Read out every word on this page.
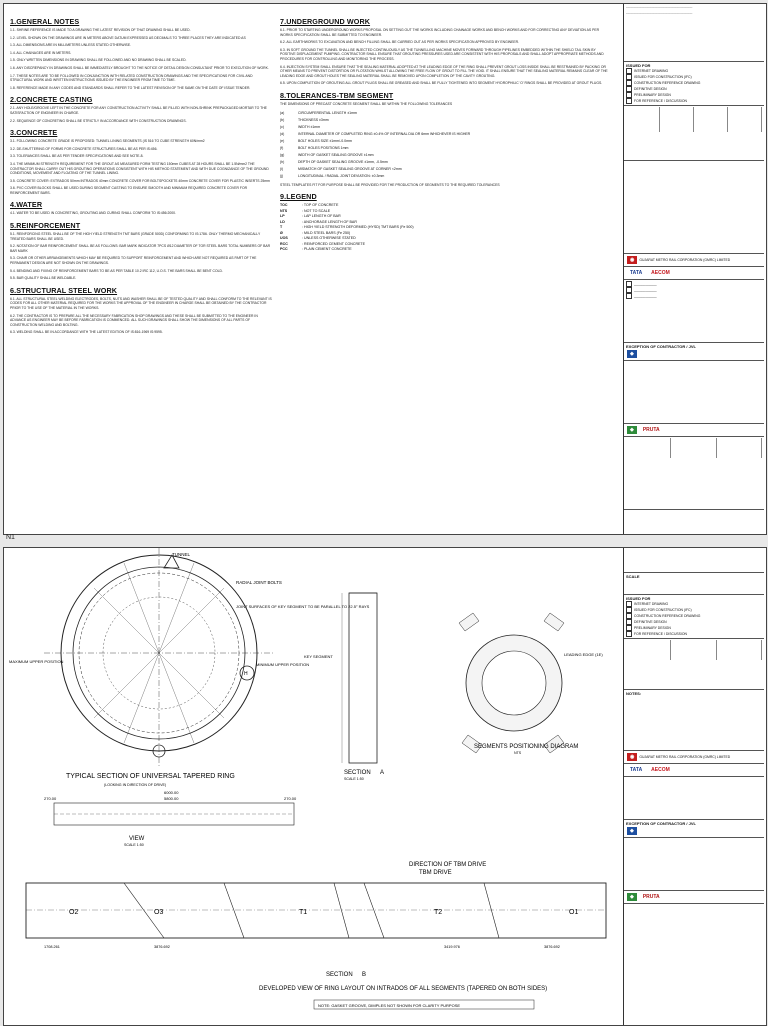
1.GENERAL NOTES
1.1. SHRINE REFERENCE IS MADE TO A DRAWING THE LATEST REVISION OF THAT DRAWING SHALL BE USED.
1.2. LEVEL SHOWN ON THE DRAWINGS ARE IN METERS ABOVE DATUM EXPRESSED AS DECIMALS TO THREE PLACES THEY ARE INDICATED AS
1.3. ALL DIMENSIONS ARE IN MILLIMETERS UNLESS STATED OTHERWISE.
1.4. ALL CHAINAGES ARE IN METERS.
1.5. ONLY WRITTEN DIMENSIONS IN DRAWING SHALL BE FOLLOWED AND NO DRAWING SHALL BE SCALED.
1.6. ANY DISCREPANCY IN DRAWINGS SHALL BE IMMEDIATELY BROUGHT TO THE NOTICE OF DETAIL DESIGN CONSULTANT PRIOR TO EXECUTION OF WORK.
1.7. THESE NOTES ARE TO BE FOLLOWED IN CONJUNCTION WITH RELATED CONSTRUCTION DRAWINGS AND THE SPECIFICATIONS FOR CIVIL AND STRUCTURAL WORK AND WRITTEN INSTRUCTIONS ISSUED BY THE ENGINEER FROM TIME TO TIME.
1.8. REFERENCE MADE IN ANY CODES AND STANDARDS SHALL REFER TO THE LATEST REVISION OF THE SAME ON THE DATE OF ISSUE TENDER.
2.CONCRETE CASTING
2.1. ANY HOLE/GROOVE LEFT IN THE CONCRETE FOR ANY CONSTRUCTION ACTIVITY SHALL BE FILLED WITH NON-SHRINK PREPACKAGED MORTAR TO THE SATISFACTION OF ENGINEER IN CHARGE.
2.2. SEQUENCE OF CONCRETING SHALL BE STRICTLY IN ACCORDANCE WITH CONSTRUCTION DRAWINGS.
3.CONCRETE
3.1. FOLLOWING CONCRETE GRADE IS PROPOSED: TUNNEL LINING SEGMENTS (IS 516 TO CUBE STRENGTH 60N/mm2
3.2. DE-SHUTTERING OF FORMS FOR CONCRETE STRUCTURES SHALL BE AS PER IS:456.
3.3. TOLERANCES SHALL BE AS PER TENDER SPECIFICATIONS AND SEE NOTE-8.
3.4. THE MINIMUM STRENGTH REQUIREMENT FOR THE GROUT AS MEASURED FORM TESTING 150mm CUBES AT 28 HOURS SHALL BE 1.5N/mm2 THE CONTRACTOR SHALL CARRY OUT HIS GROUTING OPERATIONS CONSISTENT WITH HIS METHOD STATEMENT AND WITH DUE COGNIZANCE OF THE GROUND CONDITIONS, MOVEMENT AND FLOATING OF THE TUNNEL LINING.
3.5. CONCRETE COVER: EXTRADOS 50mm INTRADOS 40mm CONCRETE COVER FOR BOLTSPOCKETS 40mm CONCRETE COVER FOR PLASTIC INSERTS 25mm
3.6. PVC COVER BLOCKS SHALL BE USED DURING SEGMENT CASTING TO ENSURE SMOOTH AND MINIMUM REQUIRED CONCRETE COVER FOR REINFORCEMENT BARS.
4.WATER
4.1. WATER TO BE USED IN CONCRETING, GROUTING AND CURING SHALL CONFORM TO IS:456:2000.
5.REINFORCEMENT
5.1. REINFORCING STEEL SHALL BE OF THE HIGH YIELD STRENGTH TMT BARS (GRADE 500D) CONFORMING TO IS:1786. ONLY THERMO MECHANICALLY TREATED BARS SHALL BE USED.
5.2. NOTATION OF BAR REINFORCEMENT SHALL BE AS FOLLOWS: BAR MARK INDICATOR 7PCS Ø12 DIAMETER OF TOR STEEL BARS TOTAL NUMBERS OF BAR BAR MARK
5.3. CHAIR OR OTHER ARRANGEMENTS WHICH MAY BE REQUIRED TO SUPPORT REINFORCEMENT AND WHICH ARE NOT REQUIRED AS PART OF THE PERMANENT DESIGN ARE NOT SHOWN ON THE DRAWINGS.
5.4. BENDING AND FIXING OF REINFORCEMENT BARS TO BE AS PER TABLE 10.2 IRC 112, U.O.S. THE BARS SHALL BE BENT COLD.
5.5. BAR QUALITY SHALL BE WELDABLE.
6.STRUCTURAL STEEL WORK
6.1. ALL STRUCTURAL STEEL WELDING ELECTRODES, BOLTS, NUTS AND WASHER SHALL BE OF TESTED QUALITY AND SHALL CONFORM TO THE RELEVANT IS CODES FOR ALL OTHER MATERIAL REQUIRED FOR THE WORKS THE APPROVAL OF THE ENGINEER IN CHARGE SHALL BE OBTAINED BY THE CONTRACTOR PRIOR TO THE USE OF THE MATERIAL IN THE WORKS.
6.2. THE CONTRACTOR IS TO PREPARE ALL THE NECESSARY FABRICATION SHOP DRAWINGS AND THESE SHALL BE SUBMITTED TO THE ENGINEER IN ADVANCE AS ENGINEER MAY BE BEFORE FABRICATION IS COMMENCED. ALL SUCH DRAWINGS SHALL SHOW THE DIMENSIONS OF ALL PARTS OF CONSTRUCTION WELDING AND BOLTING.
6.3. WELDING SHALL BE IN ACCORDANCE WITH THE LATEST EDITION OF IS:816-1969 IS:9595.
7.UNDERGROUND WORK
6.1. PRIOR TO STARTING UNDERGROUND WORKS PROPOSAL ON SETTING OUT THE WORKS INCLUDING CHAINAGE WORKS AND BENCH WORKS AND FOR CORRECTING ANY DEVIATION AS PER WORKS SPECIFICATION SHALL BE SUBMITTED TO ENGINEER.
6.2. ALL EARTHWORKS TO EXCAVATION AND BENCH FILLING SHALL BE CARRIED OUT AS PER WORKS SPECIFICATION APPROVED BY ENGINEER.
6.3. IN SOFT GROUND THE TUNNEL SHALL BE INJECTED CONTINUOUSLY AS THE TUNNELLING MACHINE MOVES FORWARD THROUGH PIPELINES EMBEDDED WITHIN THE SHIELD TAIL SKIN BY POSITIVE DISPLACEMENT PUMPING. CONTRACTOR SHALL ENSURE THAT GROUTING PRESSURES USED ARE CONSISTENT WITH HIS PROPOSALS AND SHALL ADOPT APPROPRIATE METHODS AND PROCEDURES FOR CONTROLLING AND MONITORING THE PROCESS.
6.4. INJECTION SYSTEM SHALL ENSURE THAT THE SEALING MATERIAL ADOPTED AT THE LEADING EDGE OF THE RING SHALL PREVENT GROUT LOSS INSIDE SHALL BE RESTRAINED BY PACKING OR OTHER MEANS TO PREVENT DISTORTION OR FLOTATION WHILST ALLOWING THE FREE FLOW OF GROUT TO FILL THE VOID. IT SHALL ENSURE THAT THE SEALING MATERIAL REMAINS CLEAR OF THE LEADING EDGE AND GROUT HOLES THE SEALING MATERIAL SHALL BE REMOVED UPON COMPLETION OF THE CAVITY GROUTING.
6.5. UPON COMPLETION OF GROUTING ALL GROUT PLUGS SHALL BE GREASED AND SHALL BE FULLY TIGHTENED INTO SEGMENT HYDROPHILIC 'O' RINGS SHALL BE PROVIDED AT GROUT PLUGS.
8.TOLERANCES-TBM SEGMENT
THE DIMENSIONS OF PRECAST CONCRETE SEGMENT SHALL BE WITHIN THE FOLLOWING TOLERANCES
(a)	CIRCUMFERENTIAL LENGTH ±1mm
(b)	THICKNESS ±3mm
(c)	WIDTH ±1mm
(d)	INTERNAL DIAMETER OF COMPLETED RING ±0.4% OF INTERNAL DIA OR 6mm WHICHEVER IS HIGHER
(e)	BOLT HOLES SIZE ±1mm/-0.0mm
(f)	BOLT HOLES POSITIONS 1mm
(g)	WIDTH OF GASKET SEALING GROOVE ±1mm
(h)	DEPTH OF GASKET SEALING GROOVE ±1mm, -0.5mm
(i)	MISMATCH OF GASKET SEALING GROOVE AT CORNER <2mm
(j)	LONGITUDINAL / RADIAL JOINT DEVIATION: ±0.3mm
STEEL TEMPLATES FIT FOR PURPOSE SHALL BE PROVIDED FOR THE PRODUCTION OF SEGMENTS TO THE REQUIRED TOLERANCES
9.LEGEND
TOC	: TOP OF CONCRETE
NTS	: NOT TO SCALE
LP	: LAP LENGTH OF BAR
LD	: ANCHORAGE LENGTH OF BAR
T	: HIGH YIELD STRENGTH DEFORMED (HYSD) TMT BARS (Fe 500)
Ø	: MILD STEEL BARS (Fe 250)
UOS	: UNLESS OTHERWISE STATED
RCC	: REINFORCED CEMENT CONCRETE
PCC	: PLAIN CEMENT CONCRETE
______________________________________________
______________________________________________
ISSUED FOR
INTERNET DRAWING
ISSUED FOR CONSTRUCTION (IFC)
CONSTRUCTION REFERENCE DRAWING
DEFINITIVE DESIGN
PRELIMINARY DESIGN
FOR REFERENCE / DISCUSSION
◉ GUJARAT METRO RAIL CORPORATION (GMRC) LIMITED
TATA AECOM
____________
____________
____________
EXCEPTION OF CONTRACTOR / JVL
◆
◆ PRUTA
N1
TUNNEL
RADIAL JOINT BOLTS
JOINT SURFACES OF KEY SEGMENT TO BE PARALLEL TO 22.5° RAYS
MAXIMUM UPPER POSITION
MINIMUM UPPER POSITION
H
TYPICAL SECTION OF UNIVERSAL TAPERED RING
(LOOKING IN DIRECTION OF DRIVE)
KEY SEGMENT
SECTION A
SCALE 1:50
LEADING EDGE (1E)
SEGMENTS POSITIONING DIAGRAM
NTS
270.00
6000.00
5800.00	270.00
VIEW
SCALE 1:50
DIRECTION OF TBM DRIVE
TBM DRIVE
O3	T1	T2	O1
O2
1708.261	3876.692	3419.976	3876.692
SECTION B
DEVELOPED VIEW OF RING LAYOUT ON INTRADOS OF ALL SEGMENTS (TAPERED ON BOTH SIDES)
NOTE: GASKET GROOVE, DIMPLES NOT SHOWN FOR CLARITY PURPOSE
SCALE
ISSUED FOR
INTERNET DRAWING
ISSUED FOR CONSTRUCTION (IFC)
CONSTRUCTION REFERENCE DRAWING
DEFINITIVE DESIGN
PRELIMINARY DESIGN
FOR REFERENCE / DISCUSSION
NOTES:
◉ GUJARAT METRO RAIL CORPORATION (GMRC) LIMITED
TATA AECOM
EXCEPTION OF CONTRACTOR / JVL
◆
◆ PRUTA
